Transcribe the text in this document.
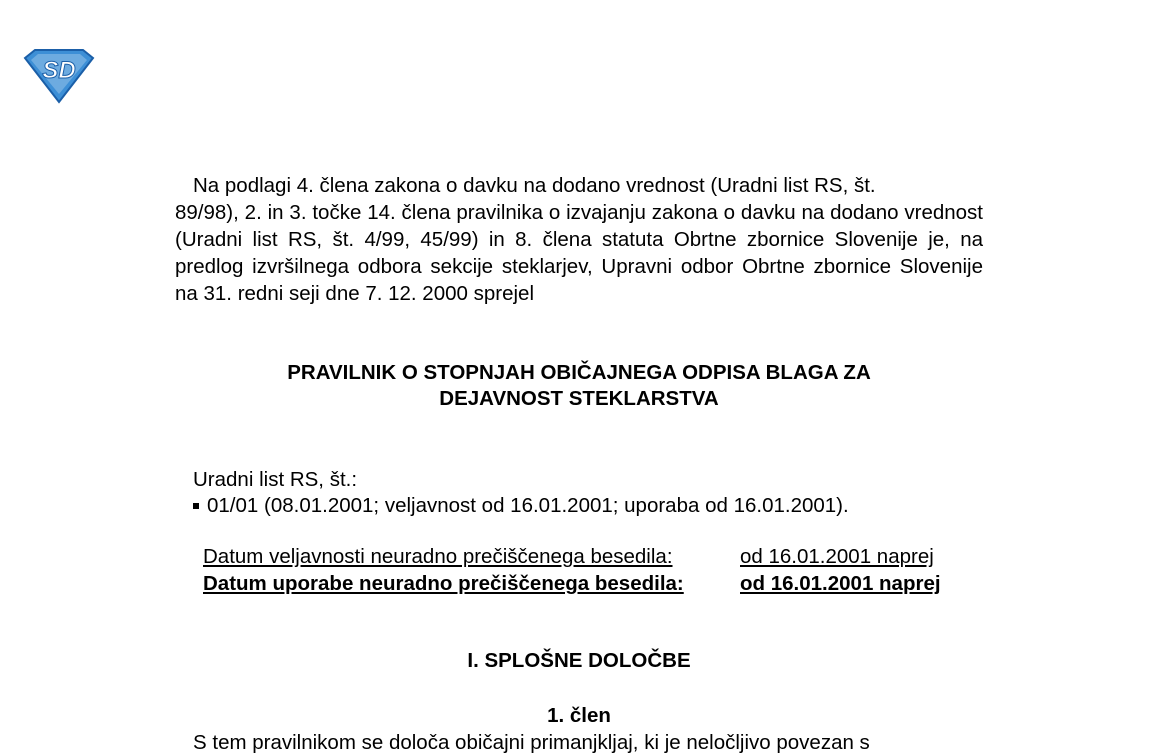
SD
Na podlagi 4. člena zakona o davku na dodano vrednost (Uradni list RS, št.
89/98), 2. in 3. točke 14. člena pravilnika o izvajanju zakona o davku na dodano vrednost (Uradni list RS, št. 4/99, 45/99) in 8. člena statuta Obrtne zbornice Slovenije je, na predlog izvršilnega odbora sekcije steklarjev, Upravni odbor Obrtne zbornice Slovenije na 31. redni seji dne 7. 12. 2000 sprejel
PRAVILNIK O STOPNJAH OBIČAJNEGA ODPISA BLAGA ZA
DEJAVNOST STEKLARSTVA
Uradni list RS, št.:
01/01 (08.01.2001; veljavnost od 16.01.2001; uporaba od 16.01.2001).
Datum veljavnosti neuradno prečiščenega besedila:	od 16.01.2001 naprej
Datum uporabe neuradno prečiščenega besedila:	od 16.01.2001 naprej
I. SPLOŠNE DOLOČBE
1. člen
S tem pravilnikom se določa običajni primanjkljaj, ki je neločljivo povezan s
